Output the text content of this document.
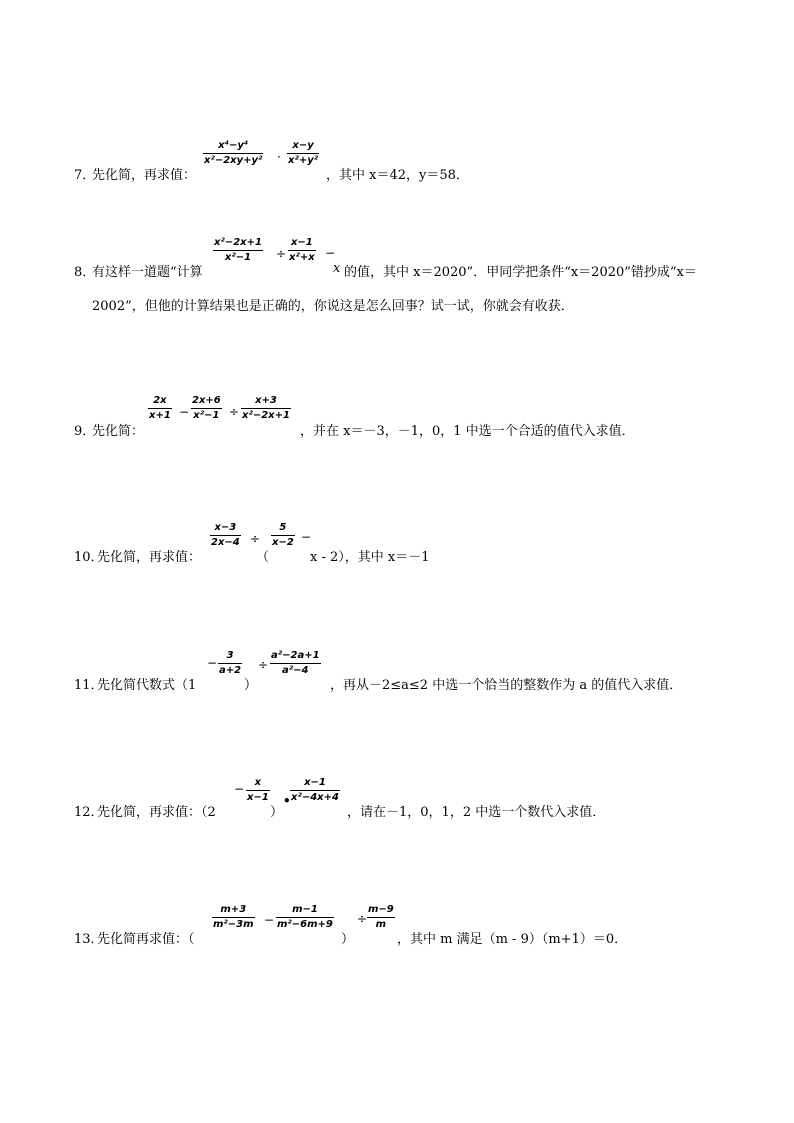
7．
先化简，再求值：
$\frac{\text{x⁴−y⁴}}{\text{x²−2xy+y²}} \cdot \frac{x-y}{\text{x²+y²}}$
，其中 x＝42，y＝58．
8．
有这样一道题“计算
$\frac{\text{x²−2x+1}}{\text{x²−1}} \div \frac{x-1}{\text{x²+x}}$ −
x 的值，其中 x＝2020”．甲同学把条件“x＝2020”错抄成“x＝
2002”，但他的计算结果也是正确的，你说这是怎么回事？试一试，你就会有收获．
9．
先化简：
$\frac{2x}{x+1} - \frac{2x+6}{\text{x²−1}} \div \frac{x+3}{\text{x²−2x+1}}$
，并在 x＝－3，－1，0，1 中选一个合适的值代入求值．
10．
先化简，再求值：
$\frac{x-3}{2x-4}$ ÷
（
$\frac{5}{x-2}$ −
x - 2），其中 x＝－1
11．
先化简代数式（1
− $\frac{3}{a+2}$
）
÷ $\frac{\text{a²−2a+1}}{\text{a²−4}}$
，再从－2≤a≤2 中选一个恰当的整数作为 a 的值代入求值．
12．
先化简，再求值：（2
− $\frac{x}{x-1}$
）
• $\frac{x-1}{\text{x²−4x+4}}$
，请在－1，0，1，2 中选一个数代入求值．
13．
先化简再求值：（
$\frac{m+3}{\text{m²−3m}} - \frac{m-1}{\text{m²−6m+9}}$
）
÷ $\frac{m-9}{m}$
，其中 m 满足（m - 9）（m+1）＝0．
